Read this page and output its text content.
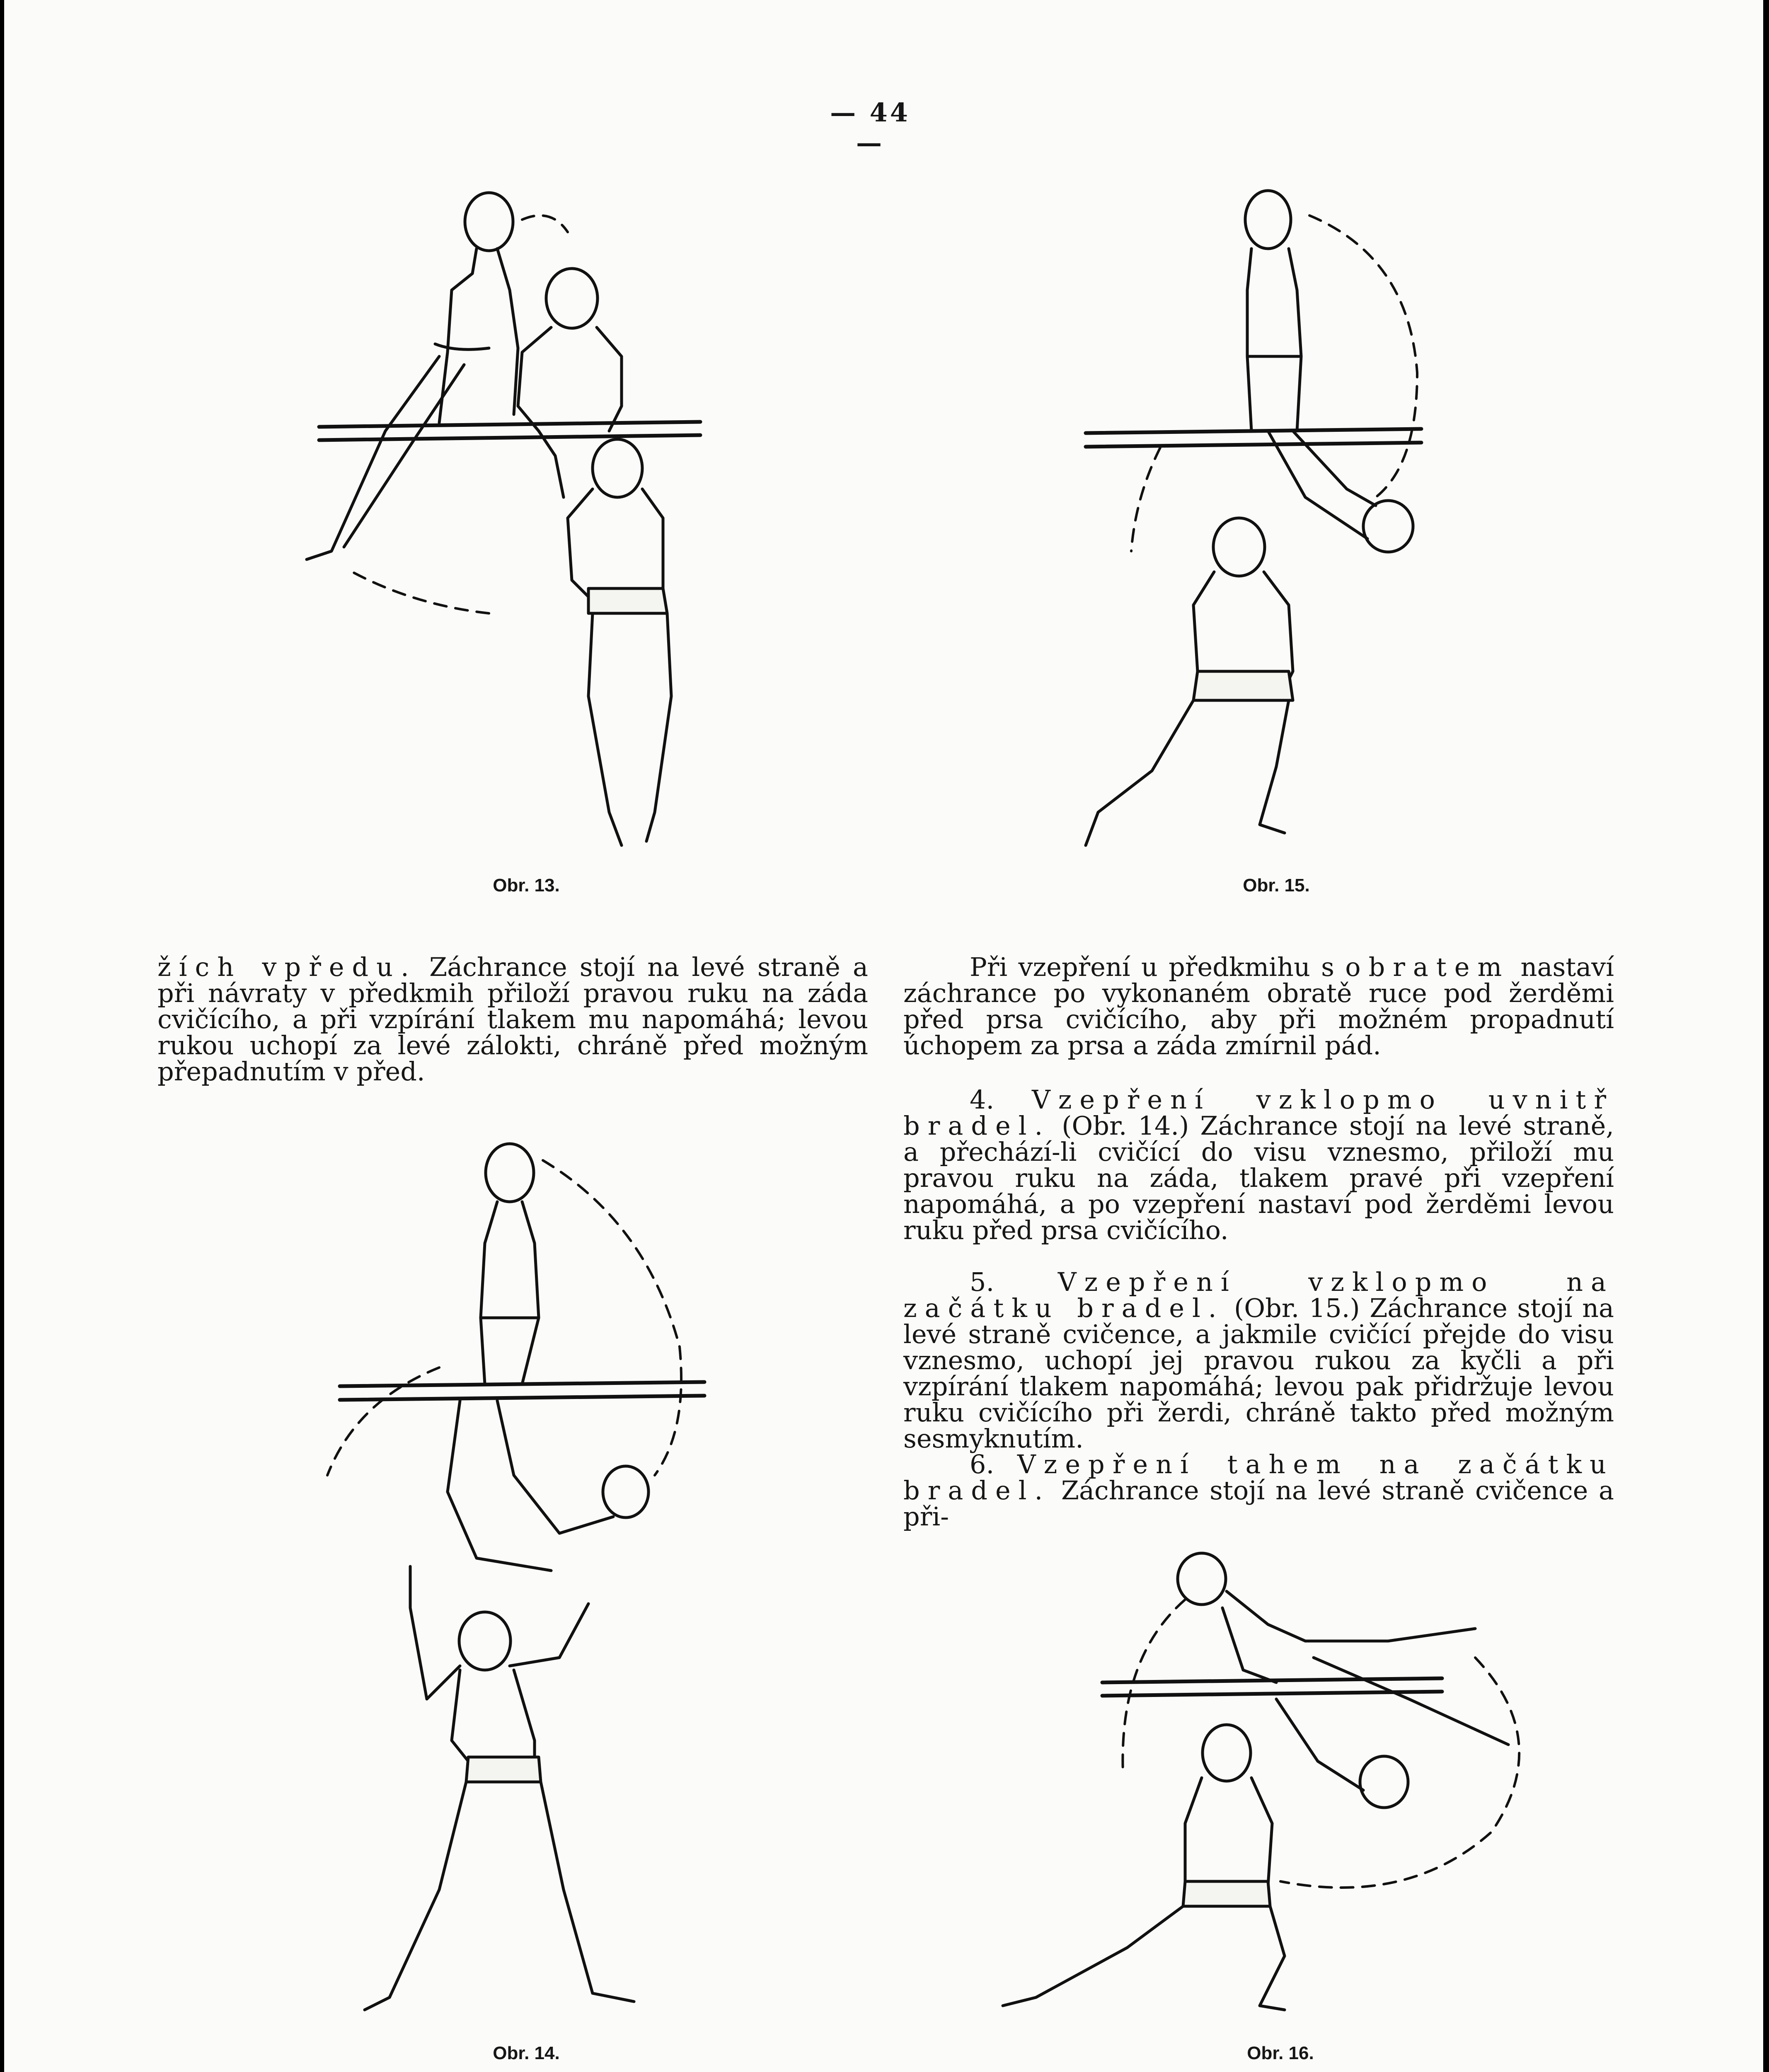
— 44 —
Obr. 13.	Obr. 15.
Obr. 14.	Obr. 16.

žích vpředu. Záchrance stojí na levé straně a při návraty v předkmih přiloží pravou ruku na záda cvičícího, a při vzpírání tlakem mu napomáhá; levou rukou uchopí za levé zálokti, chráně před možným přepadnutím v před.

Při vzepření u předkmihu s obratem nastaví záchrance po vykonaném obratě ruce pod žerděmi před prsa cvičícího, aby při možném propadnutí úchopem za prsa a záda zmírnil pád.

4. Vzepření vzklopmo uvnitř bradel. (Obr. 14.) Záchrance stojí na levé straně, a přechází-li cvičící do visu vznesmo, přiloží mu pravou ruku na záda, tlakem pravé při vzepření napomáhá, a po vzepření nastaví pod žerděmi levou ruku před prsa cvičícího.

5. Vzepření vzklopmo na začátku bradel. (Obr. 15.) Záchrance stojí na levé straně cvičence, a jakmile cvičící přejde do visu vznesmo, uchopí jej pravou rukou za kyčli a při vzpírání tlakem napomáhá; levou pak přidržuje levou ruku cvičícího při žerdi, chráně takto před možným sesmyknutím.

6. Vzepření tahem na začátku bradel. Záchrance stojí na levé straně cvičence a při-
